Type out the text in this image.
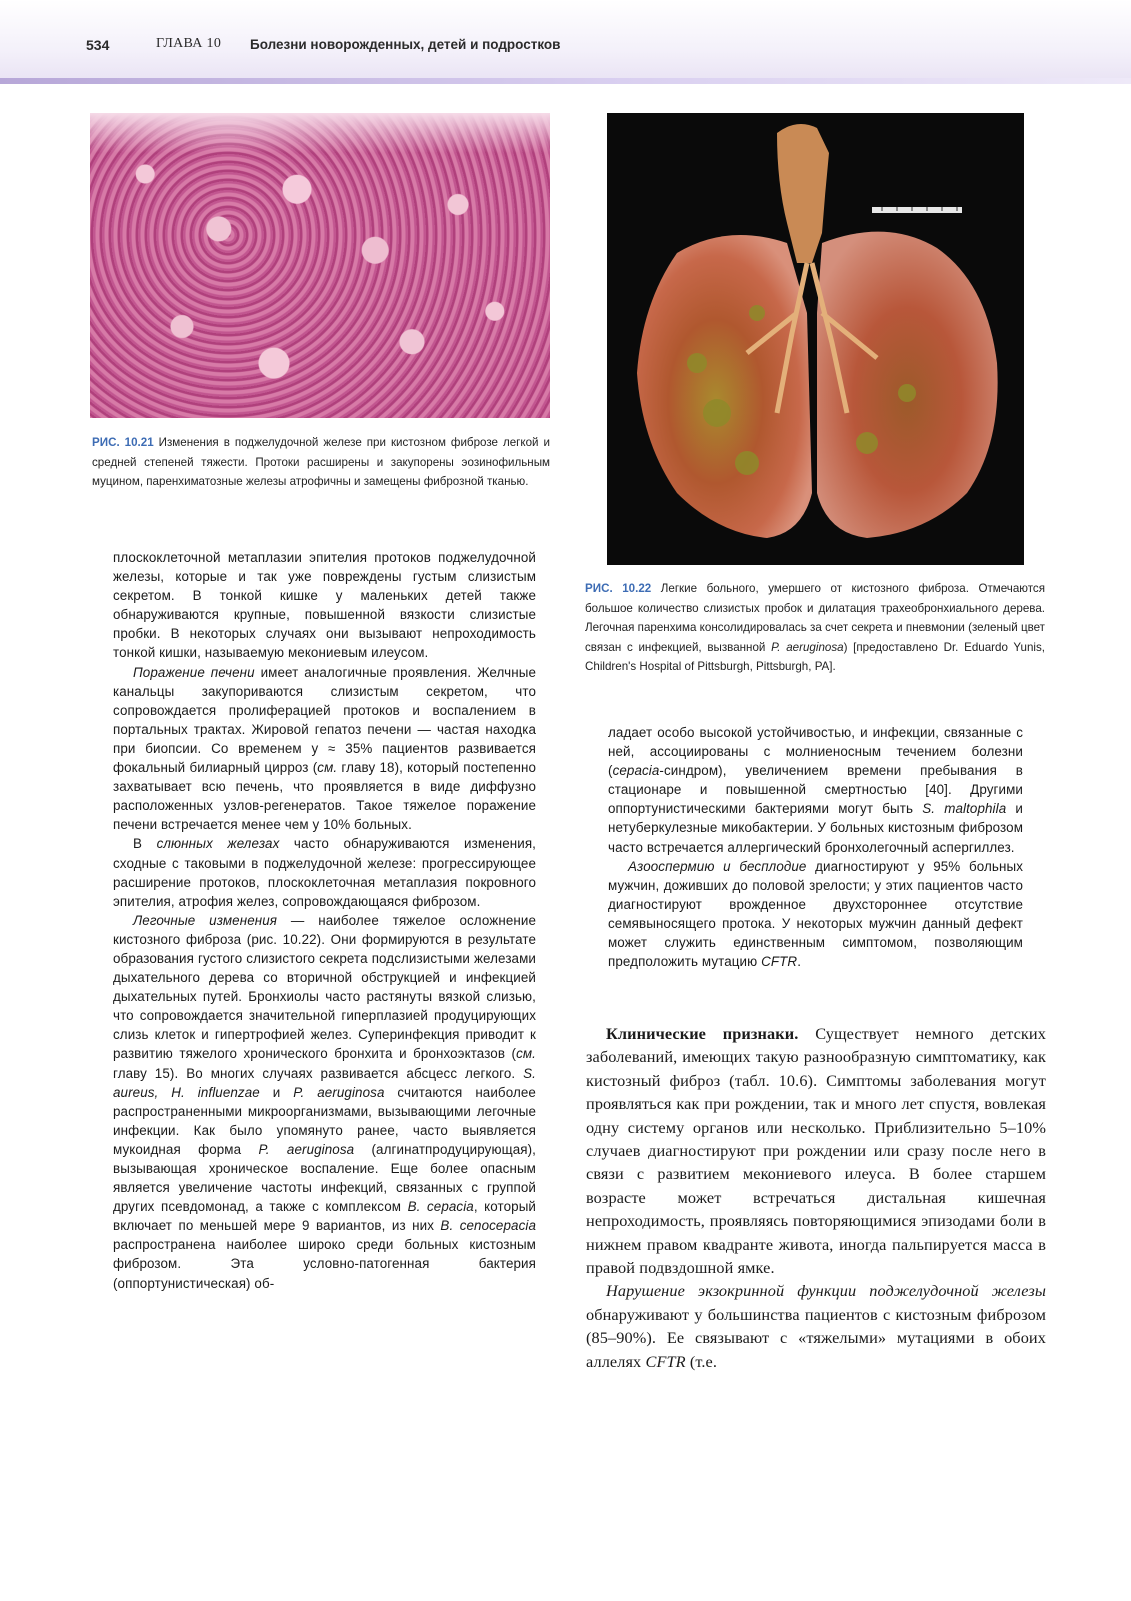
534	ГЛАВА 10 Болезни новорожденных, детей и подростков
РИС. 10.21 Изменения в поджелудочной железе при кистозном фиброзе легкой и средней степеней тяжести. Протоки расширены и закупорены эозинофильным муцином, паренхиматозные железы атрофичны и замещены фиброзной тканью.
РИС. 10.22 Легкие больного, умершего от кистозного фиброза. Отмечаются большое количество слизистых пробок и дилатация трахеобронхиального дерева. Легочная паренхима консолидировалась за счет секрета и пневмонии (зеленый цвет связан с инфекцией, вызванной P. aeruginosa) [предоставлено Dr. Eduardo Yunis, Children's Hospital of Pittsburgh, Pittsburgh, PA].

плоскоклеточной метаплазии эпителия протоков поджелудочной железы, которые и так уже повреждены густым слизистым секретом. В тонкой кишке у маленьких детей также обнаруживаются крупные, повышенной вязкости слизистые пробки. В некоторых случаях они вызывают непроходимость тонкой кишки, называемую мекониевым илеусом.

Поражение печени имеет аналогичные проявления. Желчные канальцы закупориваются слизистым секретом, что сопровождается пролиферацией протоков и воспалением в портальных трактах. Жировой гепатоз печени — частая находка при биопсии. Со временем у ≈ 35% пациентов развивается фокальный билиарный цирроз (см. главу 18), который постепенно захватывает всю печень, что проявляется в виде диффузно расположенных узлов-регенератов. Такое тяжелое поражение печени встречается менее чем у 10% больных.

В слюнных железах часто обнаруживаются изменения, сходные с таковыми в поджелудочной железе: прогрессирующее расширение протоков, плоскоклеточная метаплазия покровного эпителия, атрофия желез, сопровождающаяся фиброзом.

Легочные изменения — наиболее тяжелое осложнение кистозного фиброза (рис. 10.22). Они формируются в результате образования густого слизистого секрета подслизистыми железами дыхательного дерева со вторичной обструкцией и инфекцией дыхательных путей. Бронхиолы часто растянуты вязкой слизью, что сопровождается значительной гиперплазией продуцирующих слизь клеток и гипертрофией желез. Суперинфекция приводит к развитию тяжелого хронического бронхита и бронхоэктазов (см. главу 15). Во многих случаях развивается абсцесс легкого. S. aureus, H. influenzae и P. aeruginosa считаются наиболее распространенными микроорганизмами, вызывающими легочные инфекции. Как было упомянуто ранее, часто выявляется мукоидная форма P. aeruginosa (алгинатпродуцирующая), вызывающая хроническое воспаление. Еще более опасным является увеличение частоты инфекций, связанных с группой других псевдомонад, а также с комплексом B. cepacia, который включает по меньшей мере 9 вариантов, из них B. cenocepacia распространена наиболее широко среди больных кистозным фиброзом. Эта условно-патогенная бактерия (оппортунистическая) об-

ладает особо высокой устойчивостью, и инфекции, связанные с ней, ассоциированы с молниеносным течением болезни (cepacia-синдром), увеличением времени пребывания в стационаре и повышенной смертностью [40]. Другими оппортунистическими бактериями могут быть S. maltophila и нетуберкулезные микобактерии. У больных кистозным фиброзом часто встречается аллергический бронхолегочный аспергиллез.

Азооспермию и бесплодие диагностируют у 95% больных мужчин, доживших до половой зрелости; у этих пациентов часто диагностируют врожденное двухстороннее отсутствие семявыносящего протока. У некоторых мужчин данный дефект может служить единственным симптомом, позволяющим предположить мутацию CFTR.

Клинические признаки. Существует немного детских заболеваний, имеющих такую разнообразную симптоматику, как кистозный фиброз (табл. 10.6). Симптомы заболевания могут проявляться как при рождении, так и много лет спустя, вовлекая одну систему органов или несколько. Приблизительно 5–10% случаев диагностируют при рождении или сразу после него в связи с развитием мекониевого илеуса. В более старшем возрасте может встречаться дистальная кишечная непроходимость, проявляясь повторяющимися эпизодами боли в нижнем правом квадранте живота, иногда пальпируется масса в правой подвздошной ямке.

Нарушение экзокринной функции поджелудочной железы обнаруживают у большинства пациентов с кистозным фиброзом (85–90%). Ее связывают с «тяжелыми» мутациями в обоих аллелях CFTR (т.е.
